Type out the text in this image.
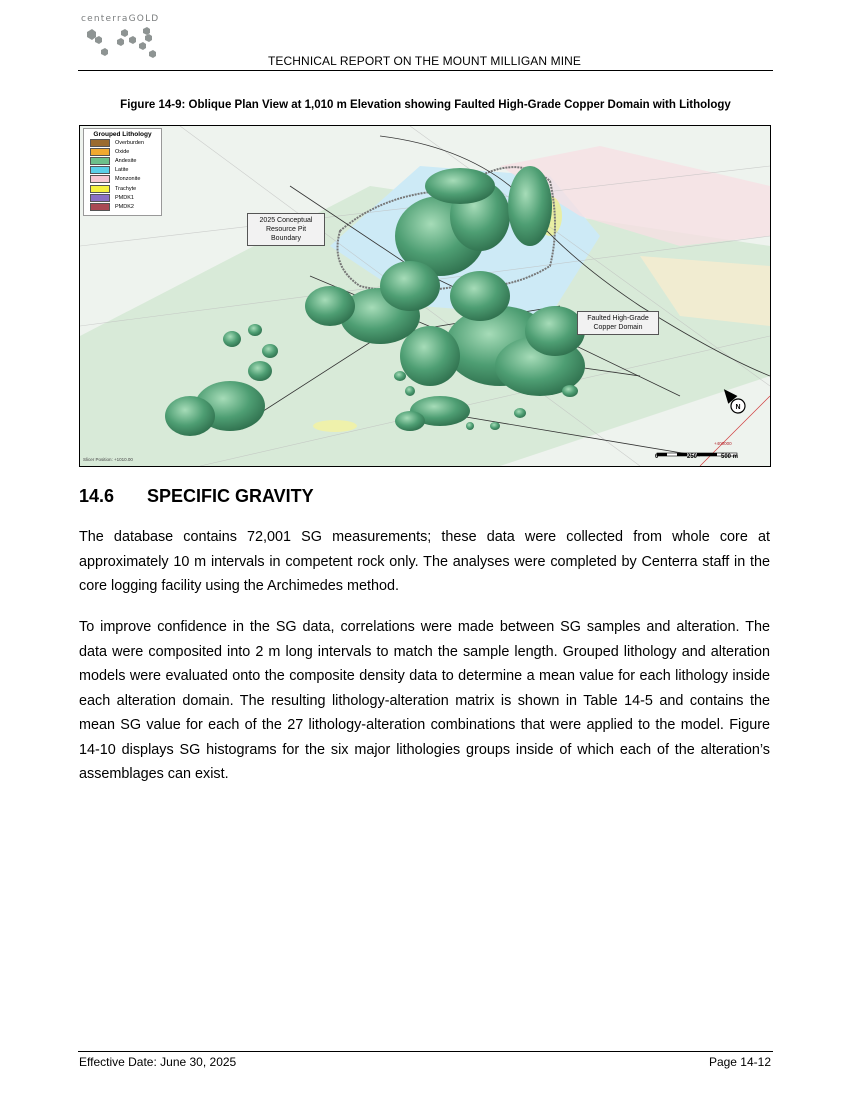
centerraGOLD
TECHNICAL REPORT ON THE MOUNT MILLIGAN MINE
Figure 14-9: Oblique Plan View at 1,010 m Elevation showing Faulted High-Grade Copper Domain with Lithology
N
Grouped Lithology
Overburden
Oxide
Andesite
Latite
Monzonite
Trachyte
PMDK1
PMDK2
2025 Conceptual Resource Pit Boundary
Faulted High-Grade Copper Domain
Slicer Position: +1010.00
+400000
0	250	500 m
14.6	SPECIFIC GRAVITY

The database contains 72,001 SG measurements; these data were collected from whole core at approximately 10 m intervals in competent rock only. The analyses were completed by Centerra staff in the core logging facility using the Archimedes method.

To improve confidence in the SG data, correlations were made between SG samples and alteration. The data were composited into 2 m long intervals to match the sample length. Grouped lithology and alteration models were evaluated onto the composite density data to determine a mean value for each lithology inside each alteration domain. The resulting lithology-alteration matrix is shown in Table 14-5 and contains the mean SG value for each of the 27 lithology-alteration combinations that were applied to the model. Figure 14-10 displays SG histograms for the six major lithologies groups inside of which each of the alteration’s assemblages can exist.

Effective Date: June 30, 2025	Page 14-12
